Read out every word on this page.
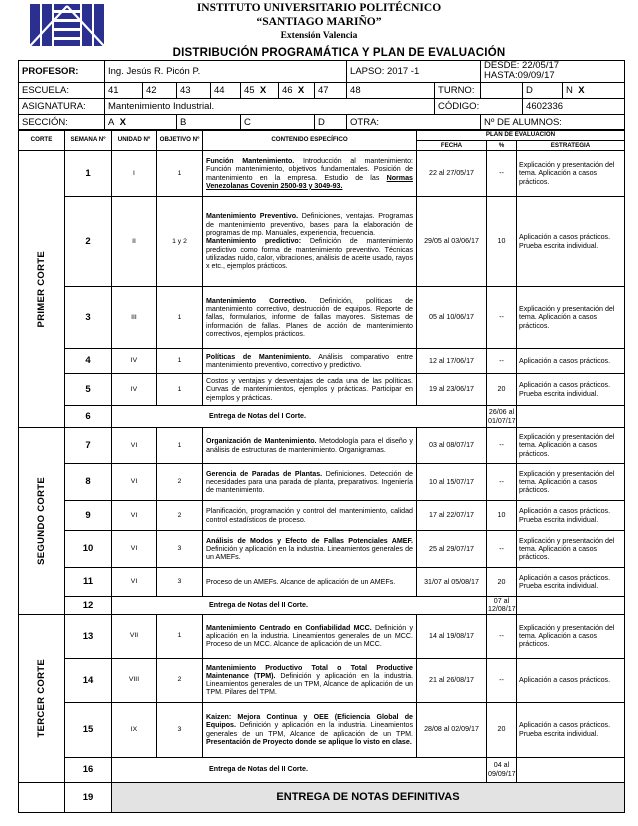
INSTITUTO UNIVERSITARIO POLITÉCNICO
“SANTIAGO MARIÑO”
Extensión Valencia
DISTRIBUCIÓN PROGRAMÁTICA Y PLAN DE EVALUACIÓN
PROFESOR:	Ing. Jesús R. Picón P.							LAPSO: 2017 -1		DESDE: 22/05/17
HASTA:09/09/17		

ESCUELA:	41	42	43	44	45 X	46 X	47	48	TURNO:		D	N X
ASIGNATURA:	Mantenimiento Industrial.								CÓDIGO:		4602336	
SECCIÓN:	A X		B		C		D	OTRA:		Nº DE ALUMNOS:		
CORTE	SEMANA Nº	UNIDAD Nº	OBJETIVO Nº	CONTENIDO ESPECÍFICO	PLAN DE EVALUACIÓN			
					FECHA	%	ESTRATEGIA	

PRIMER CORTE	1	I	1	Función Mantenimiento. Introducción al mantenimiento: Función mantenimiento, objetivos fundamentales. Posición de mantenimiento en la empresa. Estudio de las Normas Venezolanas Covenin 2500-93 y 3049-93.	22 al 27/05/17	--	Explicación y presentación del tema. Aplicación a casos prácticos.	
	2	II	1 y 2	Mantenimiento Preventivo. Definiciones, ventajas. Programas de mantenimiento preventivo, bases para la elaboración de programas de mp. Manuales, experiencia, frecuencia.
Mantenimiento predictivo: Definición de mantenimiento predictivo como forma de mantenimiento preventivo. Técnicas utilizadas ruido, calor, vibraciones, análisis de aceite usado, rayos x etc., ejemplos prácticos.	29/05 al 03/06/17	10	Aplicación a casos prácticos. Prueba escrita individual.	
	3	III	1	Mantenimiento Correctivo. Definición, políticas de mantenimiento correctivo, destrucción de equipos. Reporte de fallas, formularios, informe de fallas mayores. Sistemas de información de fallas. Planes de acción de mantenimiento correctivos, ejemplos prácticos.	05 al 10/06/17	--	Explicación y presentación del tema. Aplicación a casos prácticos.	
	4	IV	1	Políticas de Mantenimiento. Análisis comparativo entre mantenimiento preventivo, correctivo y predictivo.	12 al 17/06/17	--	Aplicación a casos prácticos.	
	5	IV	1	Costos y ventajas y desventajas de cada una de las políticas. Curvas de mantenimientos, ejemplos y prácticas. Participar en ejemplos y prácticas.	19 al 23/06/17	20	Aplicación a casos prácticos. Prueba escrita individual.	
	6	Entrega de Notas del I Corte.				26/06 al 01/07/17		

SEGUNDO CORTE	7	VI	1	Organización de Mantenimiento. Metodología para el diseño y análisis de estructuras de mantenimiento. Organigramas.	03 al 08/07/17	--	Explicación y presentación del tema. Aplicación a casos prácticos.	
	8	VI	2	Gerencia de Paradas de Plantas. Definiciones. Detección de necesidades para una parada de planta, preparativos. Ingeniería de mantenimiento.	10 al 15/07/17	--	Explicación y presentación del tema. Aplicación a casos prácticos.	
	9	VI	2	Planificación, programación y control del mantenimiento, calidad control estadísticos de proceso.	17 al 22/07/17	10	Aplicación a casos prácticos. Prueba escrita individual.	
	10	VI	3	Análisis de Modos y Efecto de Fallas Potenciales AMEF. Definición y aplicación en la industria. Lineamientos generales de un AMEFs.	25 al 29/07/17	--	Explicación y presentación del tema. Aplicación a casos prácticos.	
	11	VI	3	Proceso de un AMEFs. Alcance de aplicación de un AMEFs.	31/07 al 05/08/17	20	Aplicación a casos prácticos. Prueba escrita individual.	
	12	Entrega de Notas del II Corte.				07 al 12/08/17		

TERCER CORTE	13	VII	1	Mantenimiento Centrado en Confiabilidad MCC. Definición y aplicación en la industria. Lineamientos generales de un MCC. Proceso de un MCC. Alcance de aplicación de un MCC.	14 al 19/08/17	--	Explicación y presentación del tema. Aplicación a casos prácticos.	
	14	VIII	2	Mantenimiento Productivo Total o Total Productive Maintenance (TPM). Definición y aplicación en la industria. Lineamientos generales de un TPM, Alcance de aplicación de un TPM. Pilares del TPM.	21 al 26/08/17	--	Aplicación a casos prácticos.	
	15	IX	3	Kaizen: Mejora Continua y OEE (Eficiencia Global de Equipos. Definición y aplicación en la industria. Lineamientos generales de un TPM, Alcance de aplicación de un TPM. Presentación de Proyecto donde se aplique lo visto en clase.	28/08 al 02/09/17	20	Aplicación a casos prácticos. Prueba escrita individual.	
	16	Entrega de Notas del II Corte.				04 al 09/09/17		
	19	ENTREGA DE NOTAS DEFINITIVAS						
